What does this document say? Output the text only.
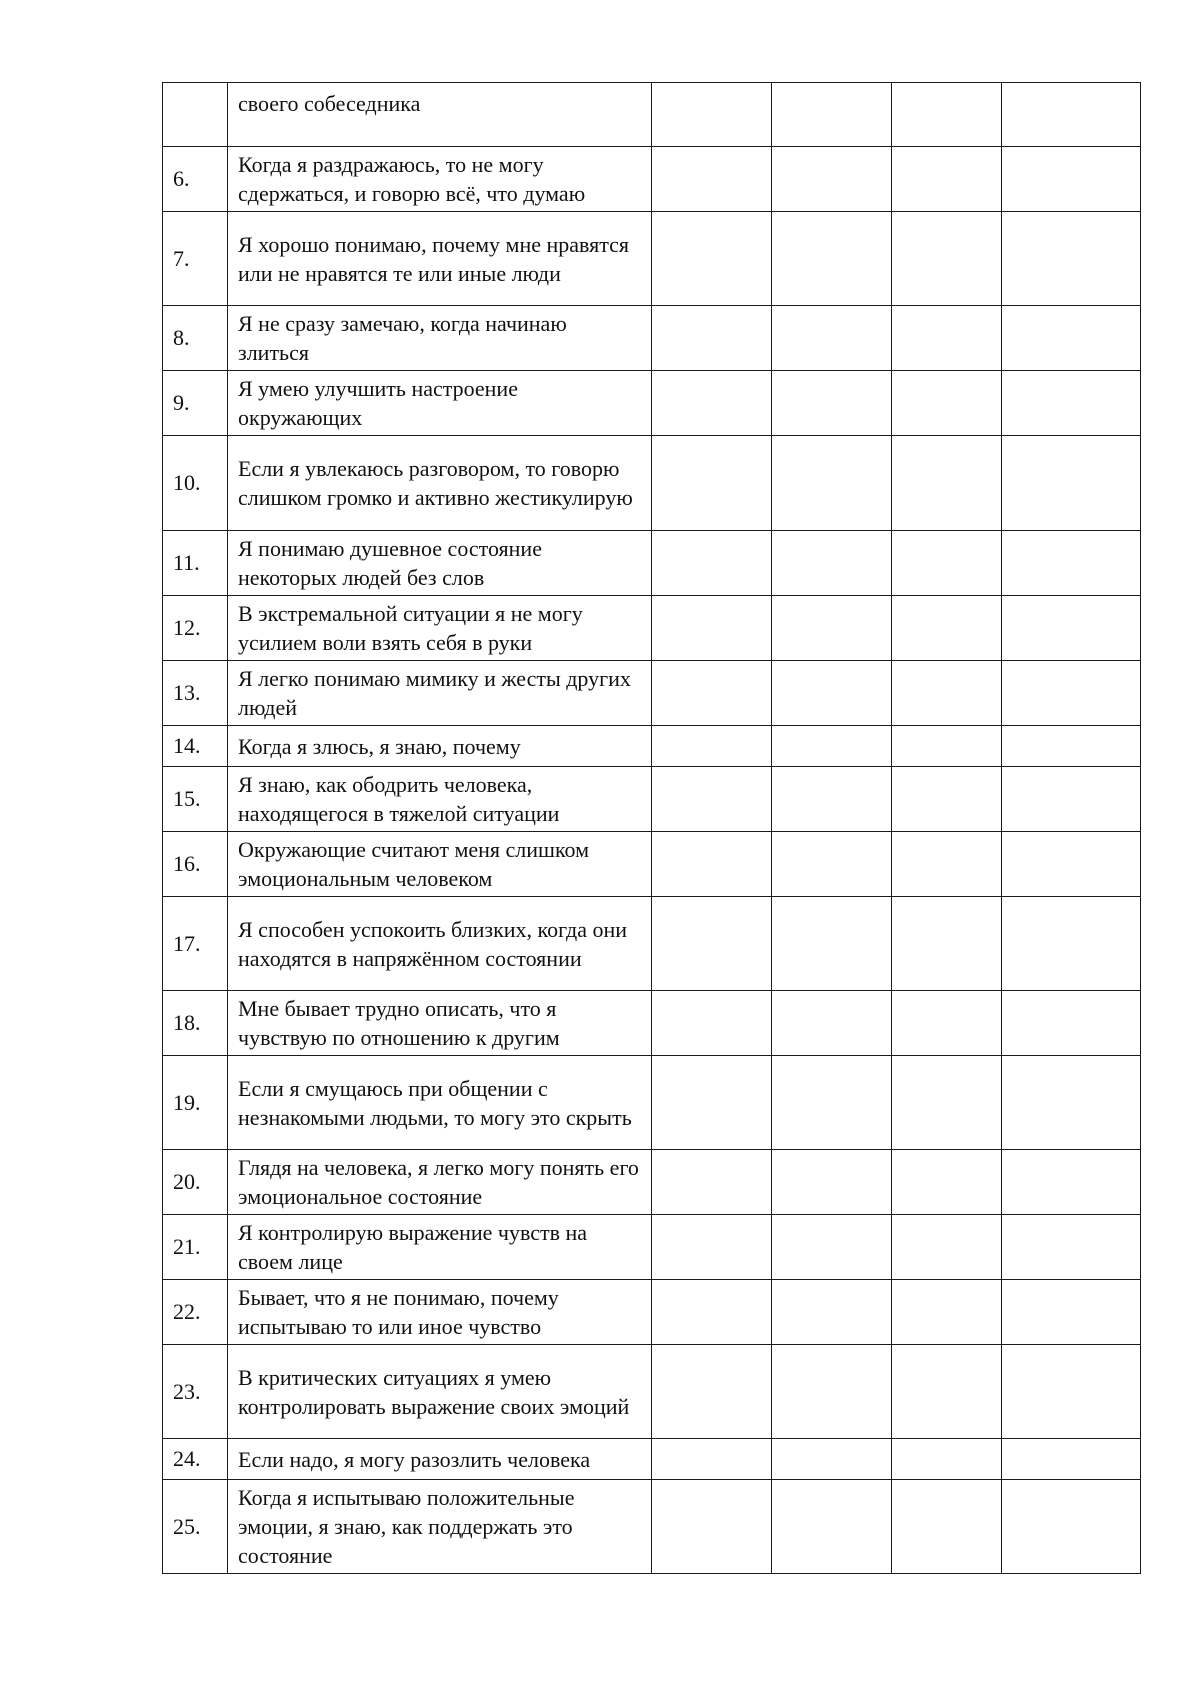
	своего собеседника				
6.	Когда я раздражаюсь, то не могу сдержаться, и говорю всё, что думаю				
7.	Я хорошо понимаю, почему мне нравятся или не нравятся те или иные люди				
8.	Я не сразу замечаю, когда начинаю злиться				
9.	Я умею улучшить настроение окружающих				
10.	Если я увлекаюсь разговором, то говорю слишком громко и активно жестикулирую				
11.	Я понимаю душевное состояние некоторых людей без слов				
12.	В экстремальной ситуации я не могу усилием воли взять себя в руки				
13.	Я легко понимаю мимику и жесты других людей				
14.	Когда я злюсь, я знаю, почему				
15.	Я знаю, как ободрить человека, находящегося в тяжелой ситуации				
16.	Окружающие считают меня слишком эмоциональным человеком				
17.	Я способен успокоить близких, когда они находятся в напряжённом состоянии				
18.	Мне бывает трудно описать, что я чувствую по отношению к другим				
19.	Если я смущаюсь при общении с незнакомыми людьми, то могу это скрыть				
20.	Глядя на человека, я легко могу понять его эмоциональное состояние				
21.	Я контролирую выражение чувств на своем лице				
22.	Бывает, что я не понимаю, почему испытываю то или иное чувство				
23.	В критических ситуациях я умею контролировать выражение своих эмоций				
24.	Если надо, я могу разозлить человека				
25.	Когда я испытываю положительные эмоции, я знаю, как поддержать это состояние				
